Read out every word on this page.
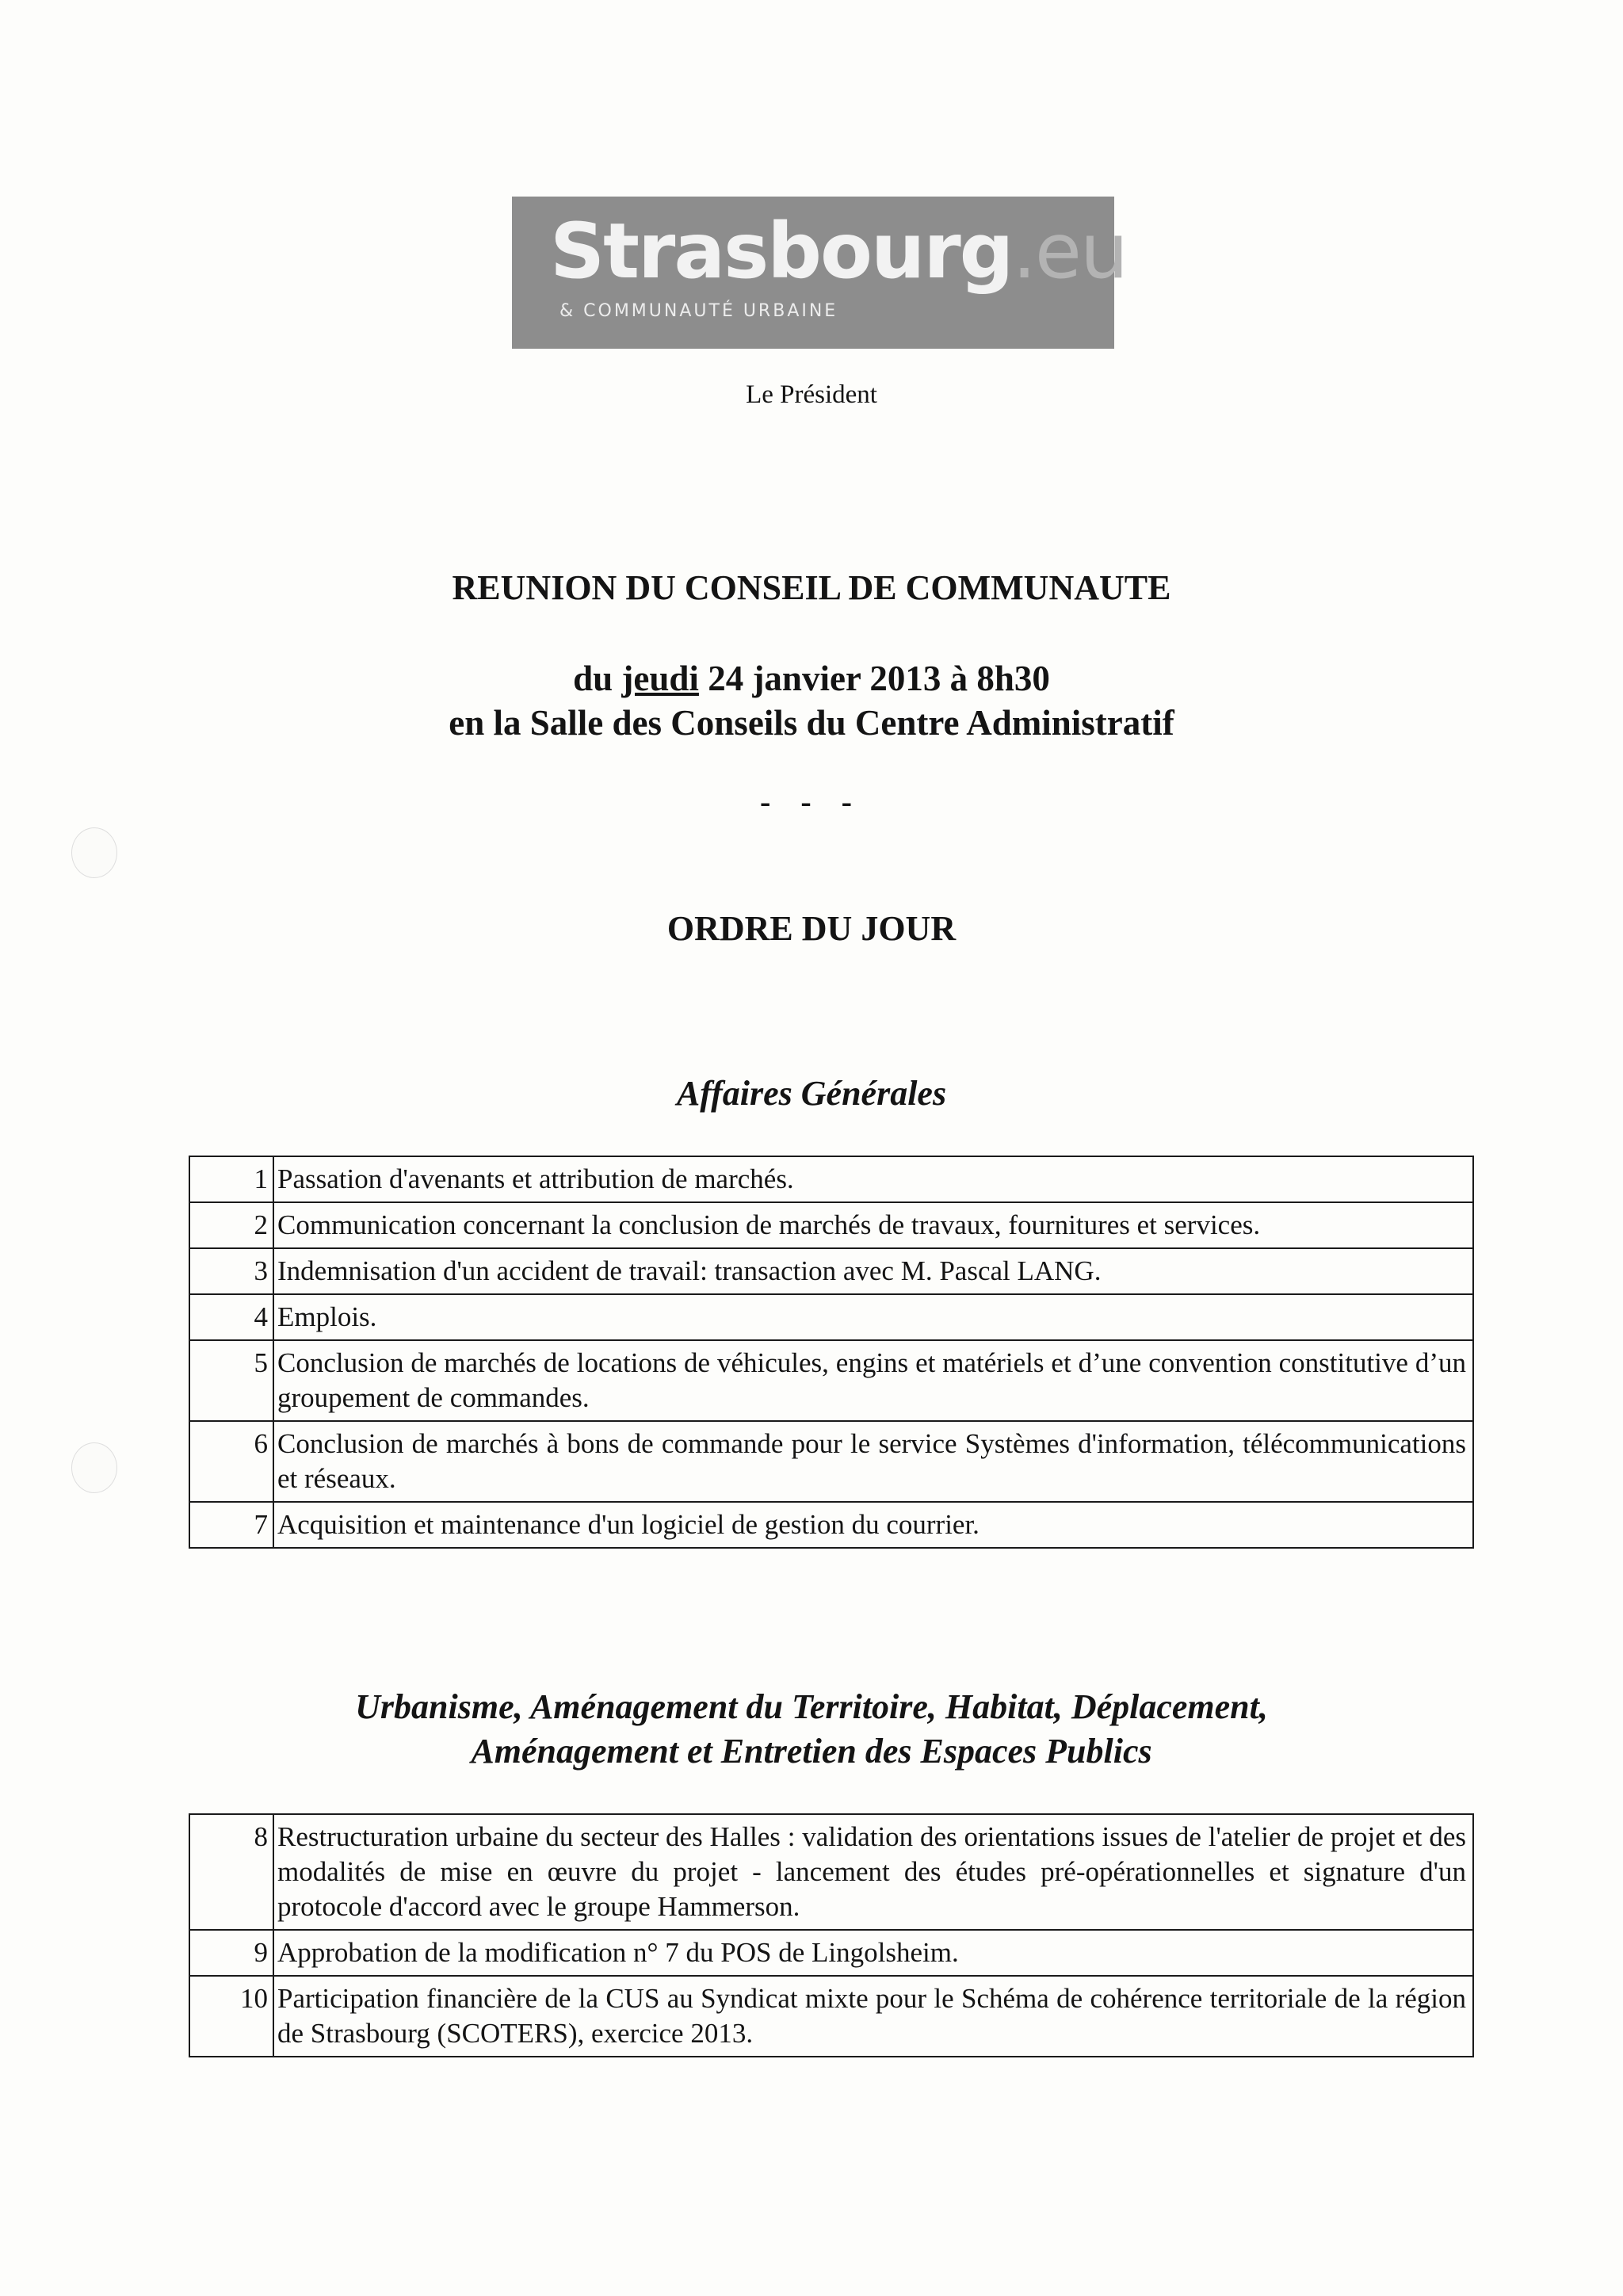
Strasbourg.eu
& COMMUNAUTÉ URBAINE
Le Président
REUNION DU CONSEIL DE COMMUNAUTE
du jeudi 24 janvier 2013 à 8h30
en la Salle des Conseils du Centre Administratif
- - -
ORDRE DU JOUR
Affaires Générales
1	Passation d'avenants et attribution de marchés.
2	Communication concernant la conclusion de marchés de travaux, fournitures et services.
3	Indemnisation d'un accident de travail: transaction avec M. Pascal LANG.
4	Emplois.
5	Conclusion de marchés de locations de véhicules, engins et matériels et d’une convention constitutive d’un groupement de commandes.
6	Conclusion de marchés à bons de commande pour le service Systèmes d'information, télécommunications et réseaux.
7	Acquisition et maintenance d'un logiciel de gestion du courrier.
Urbanisme, Aménagement du Territoire, Habitat, Déplacement,
Aménagement et Entretien des Espaces Publics
8	Restructuration urbaine du secteur des Halles : validation des orientations issues de l'atelier de projet et des modalités de mise en œuvre du projet - lancement des études pré-opérationnelles et signature d'un protocole d'accord avec le groupe Hammerson.
9	Approbation de la modification n° 7 du POS de Lingolsheim.
10	Participation financière de la CUS au Syndicat mixte pour le Schéma de cohérence territoriale de la région de Strasbourg (SCOTERS), exercice 2013.
